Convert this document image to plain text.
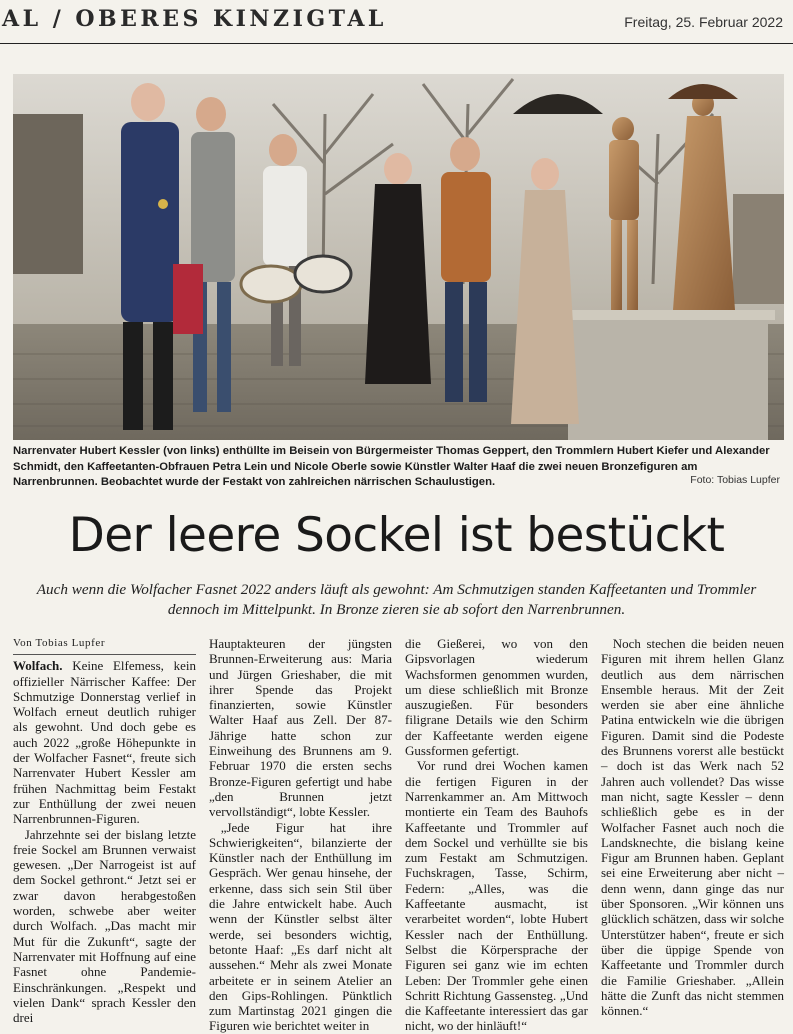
AL / OBERES KINZIGTAL	Freitag, 25. Februar 2022
Narrenvater Hubert Kessler (von links) enthüllte im Beisein von Bürgermeister Thomas Geppert, den Trommlern Hubert Kiefer und Alexander Schmidt, den Kaffeetanten-Obfrauen Petra Lein und Nicole Oberle sowie Künstler Walter Haaf die zwei neuen Bronzefiguren am Narrenbrunnen. Beobachtet wurde der Festakt von zahlreichen närrischen Schaulustigen.	Foto: Tobias Lupfer
Der leere Sockel ist bestückt
Auch wenn die Wolfacher Fasnet 2022 anders läuft als gewohnt: Am Schmutzigen standen Kaffeetanten und Trommler dennoch im Mittelpunkt. In Bronze zieren sie ab sofort den Narrenbrunnen.
Von Tobias Lupfer

Wolfach. Keine Elfemess, kein offizieller Närrischer Kaffee: Der Schmutzige Donnerstag verlief in Wolfach erneut deutlich ruhiger als gewohnt. Und doch gebe es auch 2022 „große Höhepunkte in der Wolfacher Fasnet“, freute sich Narrenvater Hubert Kessler am frühen Nachmittag beim Festakt zur Enthüllung der zwei neuen Narrenbrunnen-Figuren.

Jahrzehnte sei der bislang letzte freie Sockel am Brunnen verwaist gewesen. „Der Narrogeist ist auf dem Sockel gethront.“ Jetzt sei er zwar davon herabgestoßen worden, schwebe aber weiter durch Wolfach. „Das macht mir Mut für die Zukunft“, sagte der Narrenvater mit Hoffnung auf eine Fasnet ohne Pandemie-Einschränkungen. „Respekt und vielen Dank“ sprach Kessler den drei

Hauptakteuren der jüngsten Brunnen-Erweiterung aus: Maria und Jürgen Grieshaber, die mit ihrer Spende das Projekt finanzierten, sowie Künstler Walter Haaf aus Zell. Der 87-Jährige hatte schon zur Einweihung des Brunnens am 9. Februar 1970 die ersten sechs Bronze-Figuren gefertigt und habe „den Brunnen jetzt vervollständigt“, lobte Kessler.

„Jede Figur hat ihre Schwierigkeiten“, bilanzierte der Künstler nach der Enthüllung im Gespräch. Wer genau hinsehe, der erkenne, dass sich sein Stil über die Jahre entwickelt habe. Auch wenn der Künstler selbst älter werde, sei besonders wichtig, betonte Haaf: „Es darf nicht alt aussehen.“ Mehr als zwei Monate arbeitete er in seinem Atelier an den Gips-Rohlingen. Pünktlich zum Martinstag 2021 gingen die Figuren wie berichtet weiter in

die Gießerei, wo von den Gipsvorlagen wiederum Wachsformen genommen wurden, um diese schließlich mit Bronze auszugießen. Für besonders filigrane Details wie den Schirm der Kaffeetante werden eigene Gussformen gefertigt.

Vor rund drei Wochen kamen die fertigen Figuren in der Narrenkammer an. Am Mittwoch montierte ein Team des Bauhofs Kaffeetante und Trommler auf dem Sockel und verhüllte sie bis zum Festakt am Schmutzigen. Fuchskragen, Tasse, Schirm, Federn: „Alles, was die Kaffeetante ausmacht, ist verarbeitet worden“, lobte Hubert Kessler nach der Enthüllung. Selbst die Körpersprache der Figuren sei ganz wie im echten Leben: Der Trommler gehe einen Schritt Richtung Gassensteg. „Und die Kaffeetante interessiert das gar nicht, wo der hinläuft!“

Noch stechen die beiden neuen Figuren mit ihrem hellen Glanz deutlich aus dem närrischen Ensemble heraus. Mit der Zeit werden sie aber eine ähnliche Patina entwickeln wie die übrigen Figuren. Damit sind die Podeste des Brunnens vorerst alle bestückt – doch ist das Werk nach 52 Jahren auch vollendet? Das wisse man nicht, sagte Kessler – denn schließlich gebe es in der Wolfacher Fasnet auch noch die Landsknechte, die bislang keine Figur am Brunnen haben. Geplant sei eine Erweiterung aber nicht – denn wenn, dann ginge das nur über Sponsoren. „Wir können uns glücklich schätzen, dass wir solche Unterstützer haben“, freute er sich über die üppige Spende von Kaffeetante und Trommler durch die Familie Grieshaber. „Allein hätte die Zunft das nicht stemmen können.“
